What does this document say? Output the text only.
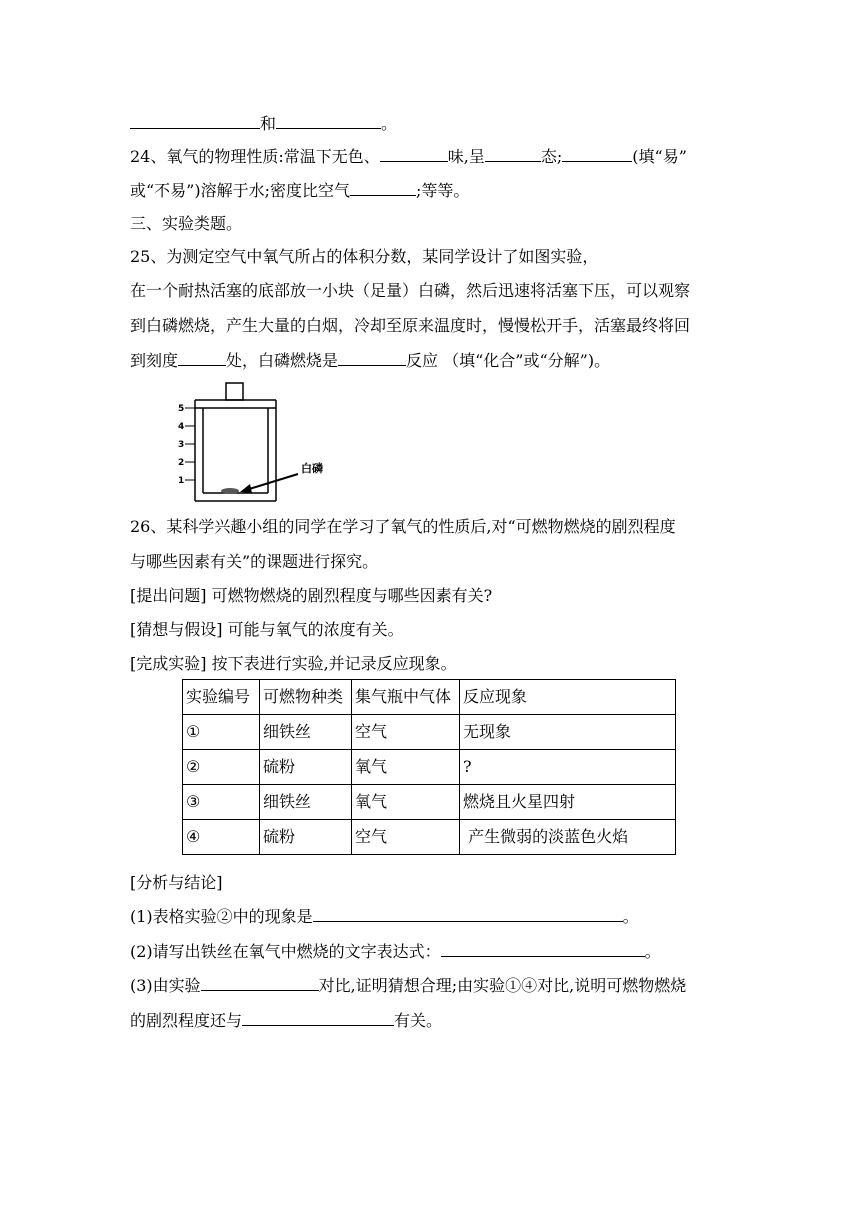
和	。
24、氧气的物理性质:常温下无色、	味,呈	态;	(填“易”
或“不易”)溶解于水;密度比空气	;等等。
三、实验类题。
25、为测定空气中氧气所占的体积分数，某同学设计了如图实验，
在一个耐热活塞的底部放一小块（足量）白磷，然后迅速将活塞下压，可以观察
到白磷燃烧，产生大量的白烟，冷却至原来温度时，慢慢松开手，活塞最终将回
到刻度	处，白磷燃烧是	反应 （填“化合”或“分解”)。
5
4
3
2
1
白磷
26、某科学兴趣小组的同学在学习了氧气的性质后,对“可燃物燃烧的剧烈程度
与哪些因素有关”的课题进行探究。
[提出问题] 可燃物燃烧的剧烈程度与哪些因素有关?
[猜想与假设] 可能与氧气的浓度有关。
[完成实验] 按下表进行实验,并记录反应现象。
实验编号	可燃物种类	集气瓶中气体	反应现象
①	细铁丝	空气	无现象
②	硫粉	氧气	?
③	细铁丝	氧气	燃烧且火星四射
④	硫粉	空气	产生微弱的淡蓝色火焰
[分析与结论]
(1)表格实验②中的现象是	。
(2)请写出铁丝在氧气中燃烧的文字表达式：	。
(3)由实验	对比,证明猜想合理;由实验①④对比,说明可燃物燃烧
的剧烈程度还与	有关。
